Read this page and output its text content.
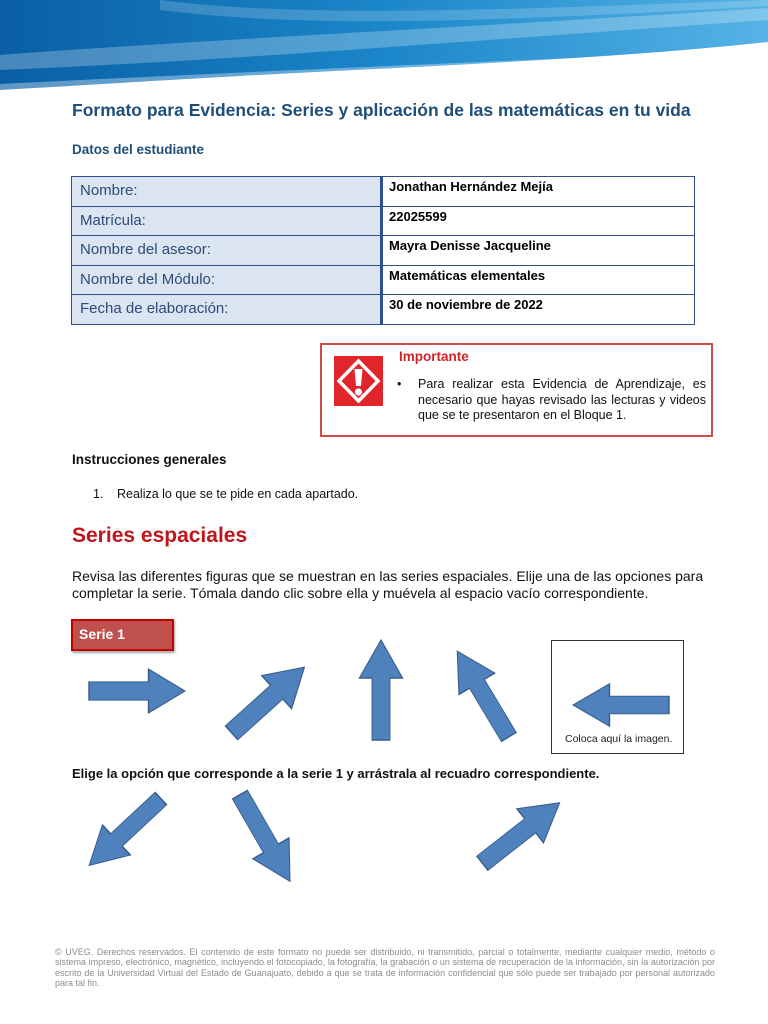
Formato para Evidencia: Series y aplicación de las matemáticas en tu vida
Datos del estudiante
Nombre:	Jonathan Hernández Mejía
Matrícula:	22025599
Nombre del asesor:	Mayra Denisse Jacqueline
Nombre del Módulo:	Matemáticas elementales
Fecha de elaboración:	30 de noviembre de 2022
Importante
• Para realizar esta Evidencia de Aprendizaje, es necesario que hayas revisado las lecturas y videos que se te presentaron en el Bloque 1.
Instrucciones generales
1. Realiza lo que se te pide en cada apartado.
Series espaciales
Revisa las diferentes figuras que se muestran en las series espaciales. Elije una de las opciones para completar la serie. Tómala dando clic sobre ella y muévela al espacio vacío correspondiente.
Serie 1
Coloca aquí la imagen.
Elige la opción que corresponde a la serie 1 y arrástrala al recuadro correspondiente.
© UVEG. Derechos reservados. El contenido de este formato no puede ser distribuido, ni transmitido, parcial o totalmente, mediante cualquier medio, método o sistema impreso, electrónico, magnético, incluyendo el fotocopiado, la fotografía, la grabación o un sistema de recuperación de la información, sin la autorización por escrito de la Universidad Virtual del Estado de Guanajuato, debido a que se trata de información confidencial que sólo puede ser trabajado por personal autorizado para tal fin.
